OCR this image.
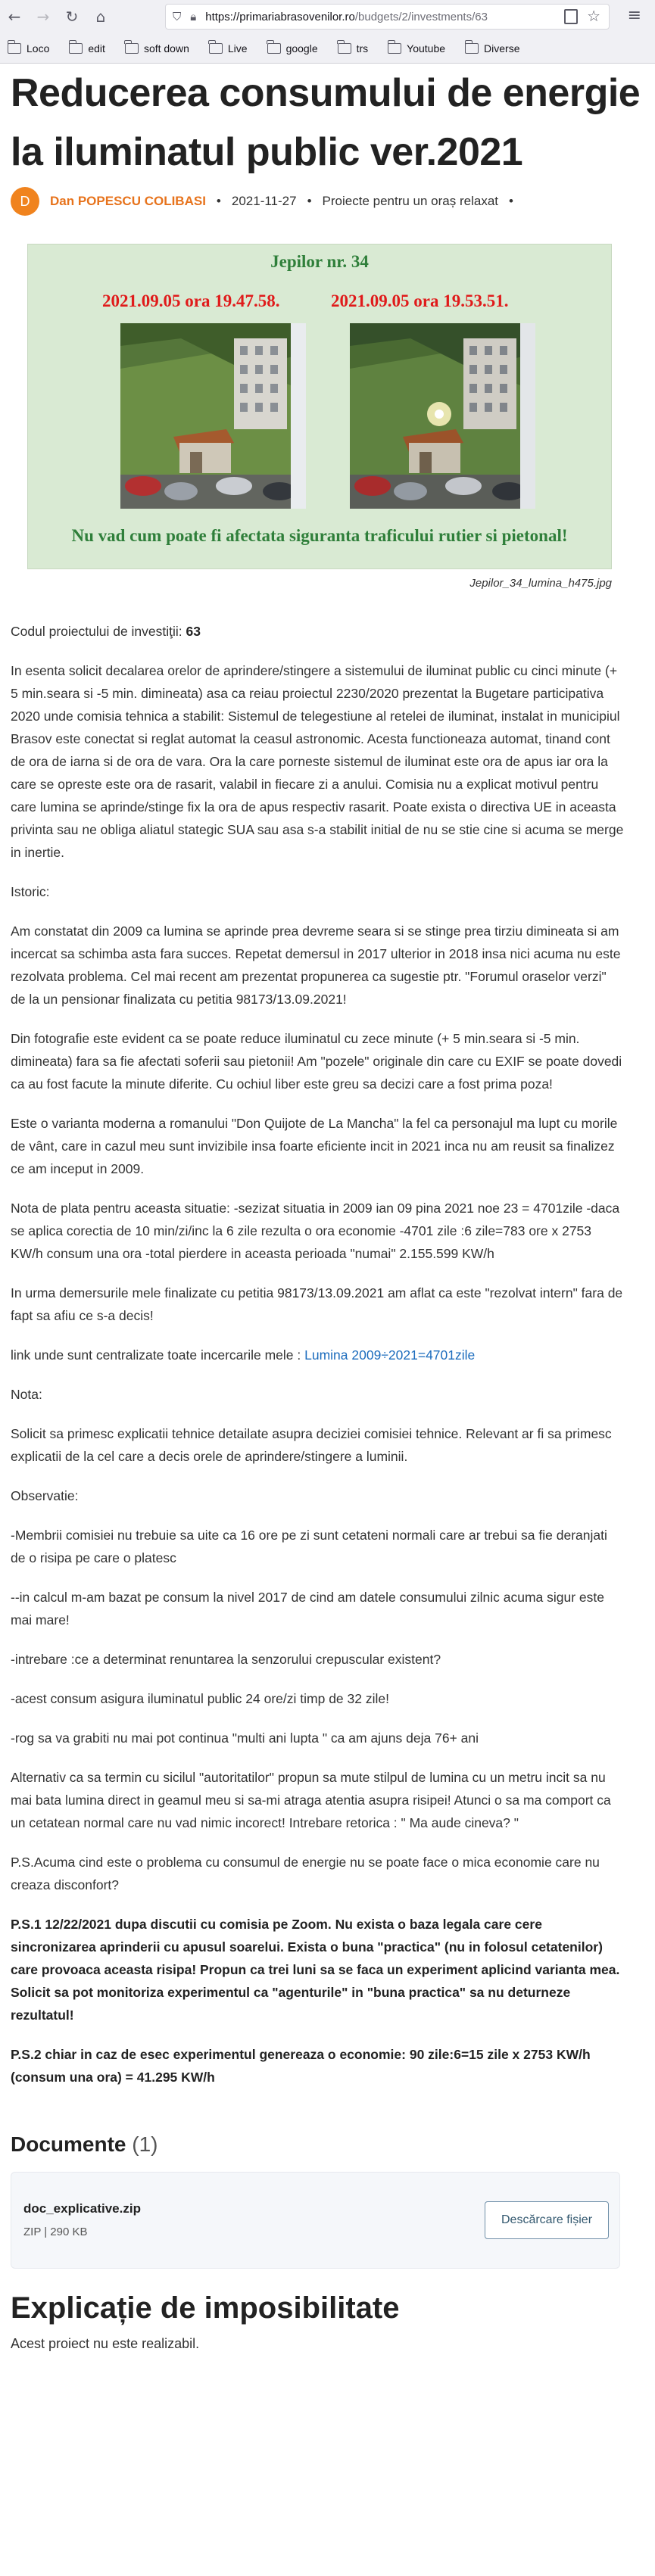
←	→	↻	⌂	⛉ 🔒︎ https://primariabrasovenilor.ro /budgets/2/investments/63	☆ ≡
Loco	edit	soft down	Live	google	trs	Youtube	Diverse
Reducerea consumului de energie
la iluminatul public ver.2021
D	Dan POPESCU COLIBASI • 2021-11-27 • Proiecte pentru un oraș relaxat •
Jepilor nr. 34
2021.09.05 ora 19.47.58.	2021.09.05 ora 19.53.51.
Nu vad cum poate fi afectata siguranta traficului rutier si pietonal!
Jepilor_34_lumina_h475.jpg

Codul proiectului de investiţii: 63

In esenta solicit decalarea orelor de aprindere/stingere a sistemului de iluminat public cu cinci minute (+ 5 min.seara si -5 min. dimineata) asa ca reiau proiectul 2230/2020 prezentat la Bugetare participativa 2020 unde comisia tehnica a stabilit: Sistemul de telegestiune al retelei de iluminat, instalat in municipiul Brasov este conectat si reglat automat la ceasul astronomic. Acesta functioneaza automat, tinand cont de ora de iarna si de ora de vara. Ora la care porneste sistemul de iluminat este ora de apus iar ora la care se opreste este ora de rasarit, valabil in fiecare zi a anului. Comisia nu a explicat motivul pentru care lumina se aprinde/stinge fix la ora de apus respectiv rasarit. Poate exista o directiva UE in aceasta privinta sau ne obliga aliatul stategic SUA sau asa s-a stabilit initial de nu se stie cine si acuma se merge in inertie.

Istoric:

Am constatat din 2009 ca lumina se aprinde prea devreme seara si se stinge prea tirziu dimineata si am incercat sa schimba asta fara succes. Repetat demersul in 2017 ulterior in 2018 insa nici acuma nu este rezolvata problema. Cel mai recent am prezentat propunerea ca sugestie ptr. "Forumul oraselor verzi" de la un pensionar finalizata cu petitia 98173/13.09.2021!

Din fotografie este evident ca se poate reduce iluminatul cu zece minute (+ 5 min.seara si -5 min. dimineata) fara sa fie afectati soferii sau pietonii! Am "pozele" originale din care cu EXIF se poate dovedi ca au fost facute la minute diferite. Cu ochiul liber este greu sa decizi care a fost prima poza!

Este o varianta moderna a romanului "Don Quijote de La Mancha" la fel ca personajul ma lupt cu morile de vânt, care in cazul meu sunt invizibile insa foarte eficiente incit in 2021 inca nu am reusit sa finalizez ce am inceput in 2009.

Nota de plata pentru aceasta situatie: -sezizat situatia in 2009 ian 09 pina 2021 noe 23 = 4701zile -daca se aplica corectia de 10 min/zi/inc la 6 zile rezulta o ora economie -4701 zile :6 zile=783 ore x 2753 KW/h consum una ora -total pierdere in aceasta perioada "numai" 2.155.599 KW/h

In urma demersurile mele finalizate cu petitia 98173/13.09.2021 am aflat ca este "rezolvat intern" fara de fapt sa afiu ce s-a decis!

link unde sunt centralizate toate incercarile mele : Lumina 2009÷2021=4701zile

Nota:

Solicit sa primesc explicatii tehnice detailate asupra deciziei comisiei tehnice. Relevant ar fi sa primesc explicatii de la cel care a decis orele de aprindere/stingere a luminii.

Observatie:

-Membrii comisiei nu trebuie sa uite ca 16 ore pe zi sunt cetateni normali care ar trebui sa fie deranjati de o risipa pe care o platesc

--in calcul m-am bazat pe consum la nivel 2017 de cind am datele consumului zilnic acuma sigur este mai mare!

-intrebare :ce a determinat renuntarea la senzorului crepuscular existent?

-acest consum asigura iluminatul public 24 ore/zi timp de 32 zile!

-rog sa va grabiti nu mai pot continua "multi ani lupta " ca am ajuns deja 76+ ani

Alternativ ca sa termin cu sicilul "autoritatilor" propun sa mute stilpul de lumina cu un metru incit sa nu mai bata lumina direct in geamul meu si sa-mi atraga atentia asupra risipei! Atunci o sa ma comport ca un cetatean normal care nu vad nimic incorect! Intrebare retorica : " Ma aude cineva? "

P.S.Acuma cind este o problema cu consumul de energie nu se poate face o mica economie care nu creaza disconfort?

P.S.1 12/22/2021 dupa discutii cu comisia pe Zoom. Nu exista o baza legala care cere sincronizarea aprinderii cu apusul soarelui. Exista o buna "practica" (nu in folosul cetatenilor) care provoaca aceasta risipa! Propun ca trei luni sa se faca un experiment aplicind varianta mea. Solicit sa pot monitoriza experimentul ca "agenturile" in "buna practica" sa nu deturneze rezultatul!

P.S.2 chiar in caz de esec experimentul genereaza o economie: 90 zile:6=15 zile x 2753 KW/h (consum una ora) = 41.295 KW/h

Documente (1)
doc_explicative.zip
ZIP | 290 KB
Descărcare fișier
Explicație de imposibilitate
Acest proiect nu este realizabil.
